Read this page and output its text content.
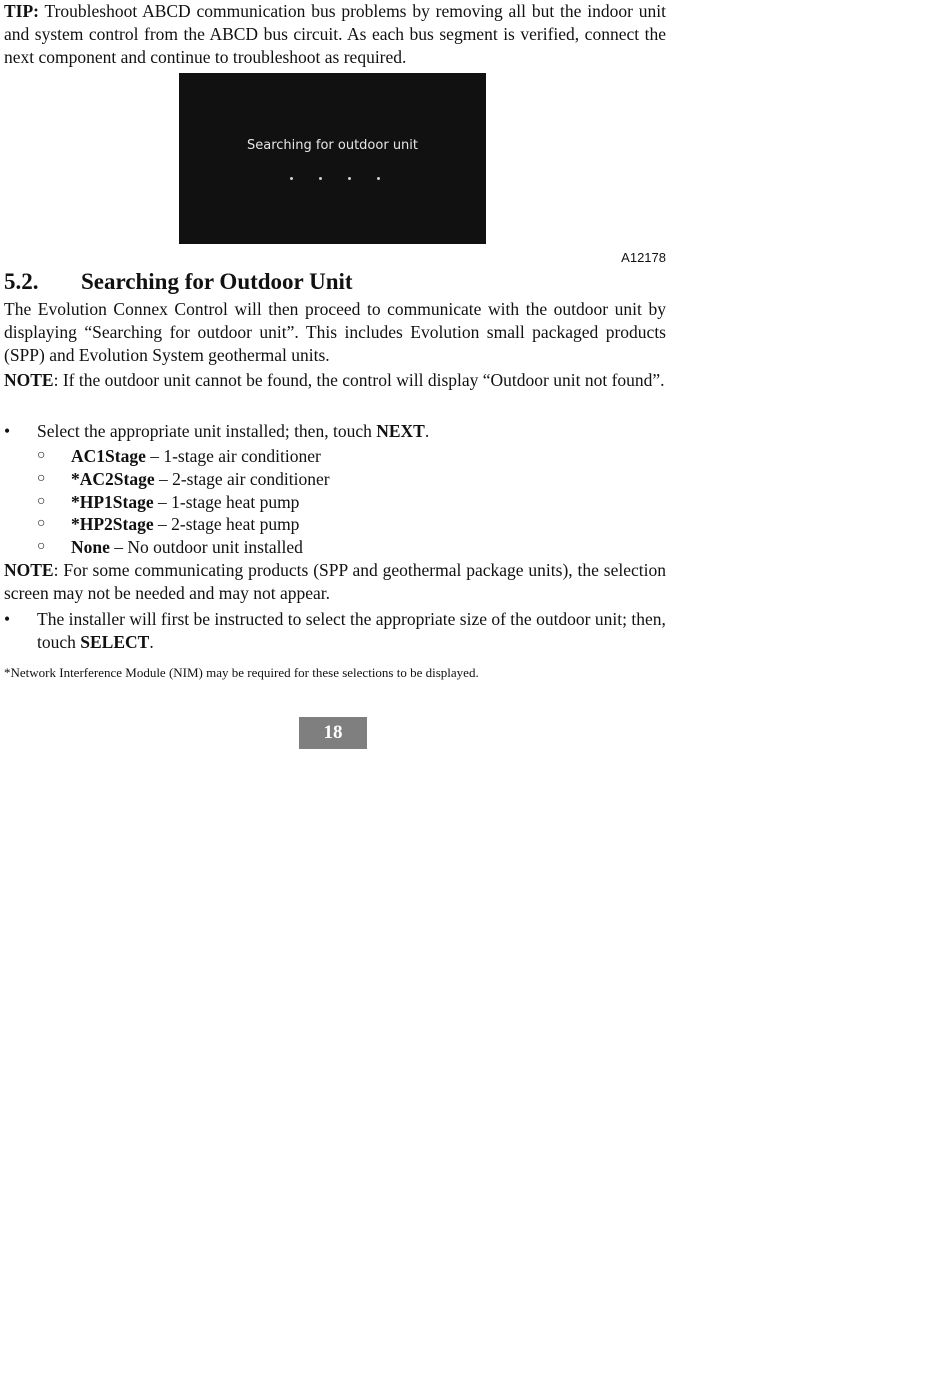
TIP: Troubleshoot ABCD communication bus problems by removing all but the indoor unit and system control from the ABCD bus circuit. As each bus segment is verified, connect the next component and continue to troubleshoot as required.

Searching for outdoor unit
A12178
5.2. Searching for Outdoor Unit

The Evolution Connex Control will then proceed to communicate with the outdoor unit by displaying “Searching for outdoor unit”. This includes Evolution small packaged products (SPP) and Evolution System geothermal units.

NOTE: If the outdoor unit cannot be found, the control will display “Outdoor unit not found”.

• Select the appropriate unit installed; then, touch NEXT.

○ AC1Stage – 1-stage air conditioner
○ *AC2Stage – 2-stage air conditioner
○ *HP1Stage – 1-stage heat pump
○ *HP2Stage – 2-stage heat pump
○ None – No outdoor unit installed

NOTE: For some communicating products (SPP and geothermal package units), the selection screen may not be needed and may not appear.

• The installer will first be instructed to select the appropriate size of the outdoor unit; then, touch SELECT.

*Network Interference Module (NIM) may be required for these selections to be displayed.

18
